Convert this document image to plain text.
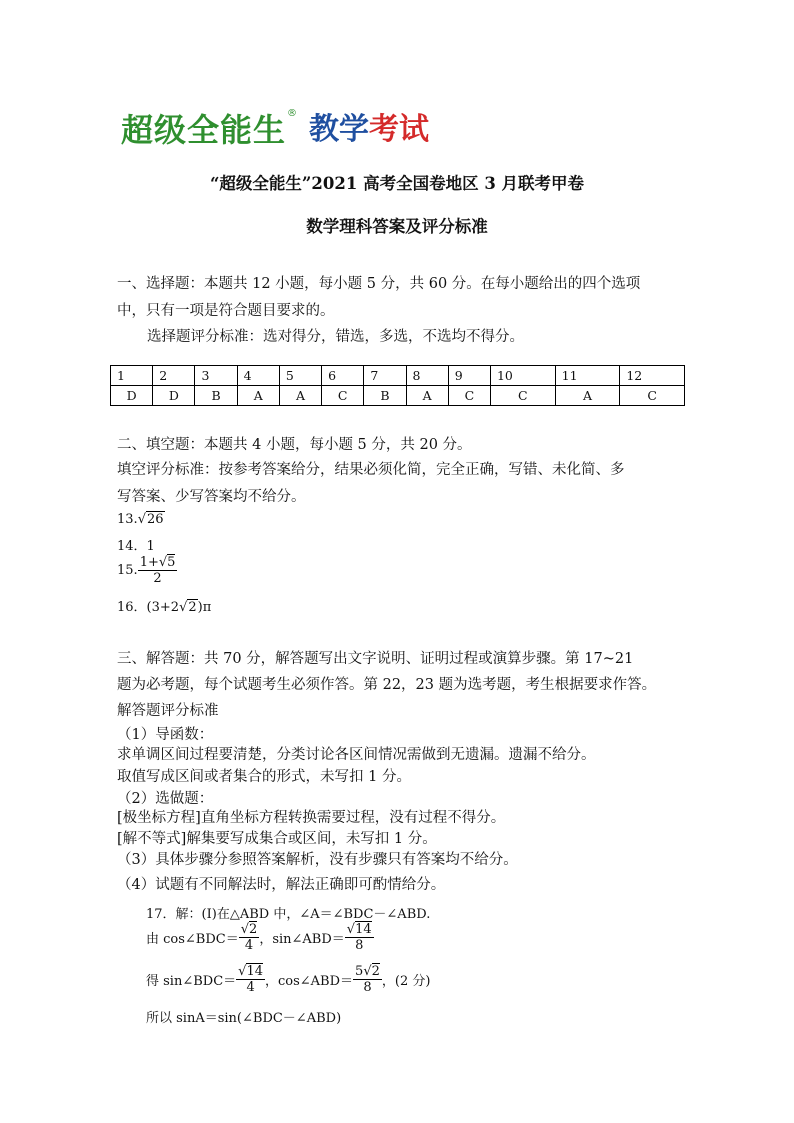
超级全能生 ® 教学 考试
“超级全能生”2021 高考全国卷地区 3 月联考甲卷
数学理科答案及评分标准
一、选择题：本题共 12 小题，每小题 5 分，共 60 分。在每小题给出的四个选项
中，只有一项是符合题目要求的。
选择题评分标准：选对得分，错选，多选，不选均不得分。
1	2	3	4	5	6	7	8	9	10	11	12
D	D	B	A	A	C	B	A	C	C	A	C
二、填空题：本题共 4 小题，每小题 5 分，共 20 分。
填空评分标准：按参考答案给分，结果必须化简，完全正确，写错、未化简、多
写答案、少写答案均不给分。
13.√26
14．1
15. $\frac{1+√5}{2}$
16．(3+2√2)π
三、解答题：共 70 分，解答题写出文字说明、证明过程或演算步骤。第 17~21
题为必考题，每个试题考生必须作答。第 22，23 题为选考题，考生根据要求作答。
解答题评分标准
（1）导函数：
求单调区间过程要清楚，分类讨论各区间情况需做到无遗漏。遗漏不给分。
取值写成区间或者集合的形式，未写扣 1 分。
（2）选做题：
[极坐标方程]直角坐标方程转换需要过程，没有过程不得分。
[解不等式]解集要写成集合或区间，未写扣 1 分。
（3）具体步骤分参照答案解析，没有步骤只有答案均不给分。
（4）试题有不同解法时，解法正确即可酌情给分。
17．解：(Ⅰ)在△ABD 中，∠A＝∠BDC－∠ABD.
由 cos∠BDC＝ $\frac{√2}{4}$ ，sin∠ABD＝ $\frac{√14}{8}$
得 sin∠BDC＝ $\frac{√14}{4}$ ，cos∠ABD＝ $\frac{5√2}{8}$ ，(2 分)
所以 sinA＝sin(∠BDC－∠ABD)
